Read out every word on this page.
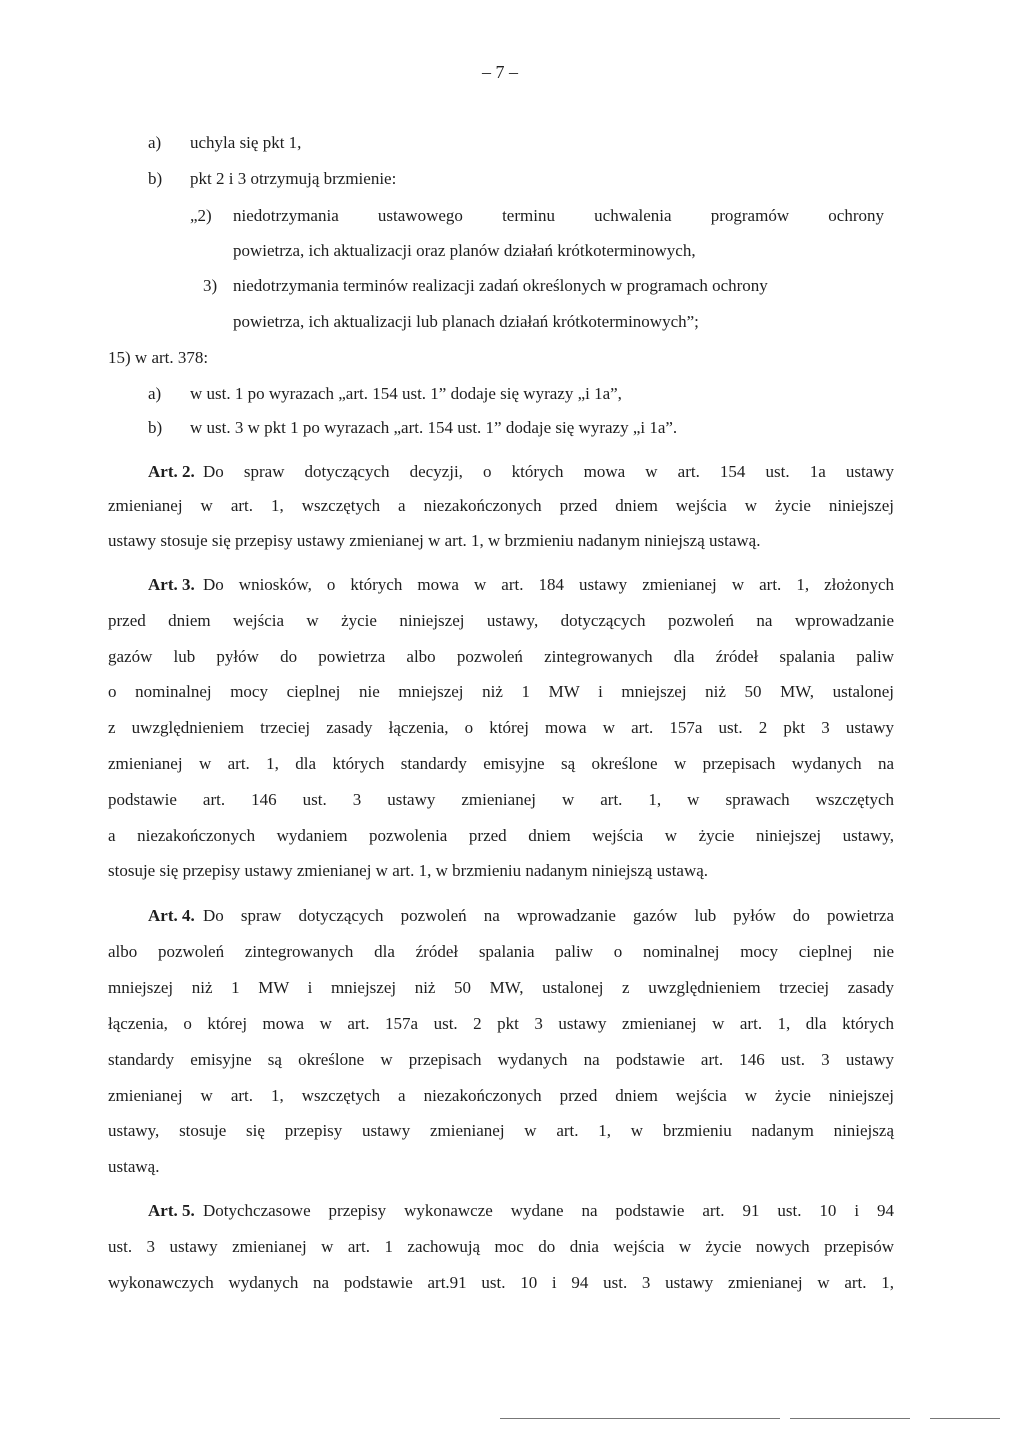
– 7 –
a) uchyla się pkt 1,
b) pkt 2 i 3 otrzymują brzmienie:
„2) niedotrzymania ustawowego terminu uchwalenia programów ochrony
powietrza, ich aktualizacji oraz planów działań krótkoterminowych,
3) niedotrzymania terminów realizacji zadań określonych w programach ochrony
powietrza, ich aktualizacji lub planach działań krótkoterminowych”;
15) w art. 378:
a) w ust. 1 po wyrazach „art. 154 ust. 1” dodaje się wyrazy „i 1a”,
b) w ust. 3 w pkt 1 po wyrazach „art. 154 ust. 1” dodaje się wyrazy „i 1a”.
Art. 2. Do spraw dotyczących decyzji, o których mowa w art. 154 ust. 1a ustawy
zmienianej w art. 1, wszczętych a niezakończonych przed dniem wejścia w życie niniejszej
ustawy stosuje się przepisy ustawy zmienianej w art. 1, w brzmieniu nadanym niniejszą ustawą.
Art. 3. Do wniosków, o których mowa w art. 184 ustawy zmienianej w art. 1, złożonych
przed dniem wejścia w życie niniejszej ustawy, dotyczących pozwoleń na wprowadzanie
gazów lub pyłów do powietrza albo pozwoleń zintegrowanych dla źródeł spalania paliw
o nominalnej mocy cieplnej nie mniejszej niż 1 MW i mniejszej niż 50 MW, ustalonej
z uwzględnieniem trzeciej zasady łączenia, o której mowa w art. 157a ust. 2 pkt 3 ustawy
zmienianej w art. 1, dla których standardy emisyjne są określone w przepisach wydanych na
podstawie art. 146 ust. 3 ustawy zmienianej w art. 1, w sprawach wszczętych
a niezakończonych wydaniem pozwolenia przed dniem wejścia w życie niniejszej ustawy,
stosuje się przepisy ustawy zmienianej w art. 1, w brzmieniu nadanym niniejszą ustawą.
Art. 4. Do spraw dotyczących pozwoleń na wprowadzanie gazów lub pyłów do powietrza
albo pozwoleń zintegrowanych dla źródeł spalania paliw o nominalnej mocy cieplnej nie
mniejszej niż 1 MW i mniejszej niż 50 MW, ustalonej z uwzględnieniem trzeciej zasady
łączenia, o której mowa w art. 157a ust. 2 pkt 3 ustawy zmienianej w art. 1, dla których
standardy emisyjne są określone w przepisach wydanych na podstawie art. 146 ust. 3 ustawy
zmienianej w art. 1, wszczętych a niezakończonych przed dniem wejścia w życie niniejszej
ustawy, stosuje się przepisy ustawy zmienianej w art. 1, w brzmieniu nadanym niniejszą
ustawą.
Art. 5. Dotychczasowe przepisy wykonawcze wydane na podstawie art. 91 ust. 10 i 94
ust. 3 ustawy zmienianej w art. 1 zachowują moc do dnia wejścia w życie nowych przepisów
wykonawczych wydanych na podstawie art.91 ust. 10 i 94 ust. 3 ustawy zmienianej w art. 1,
